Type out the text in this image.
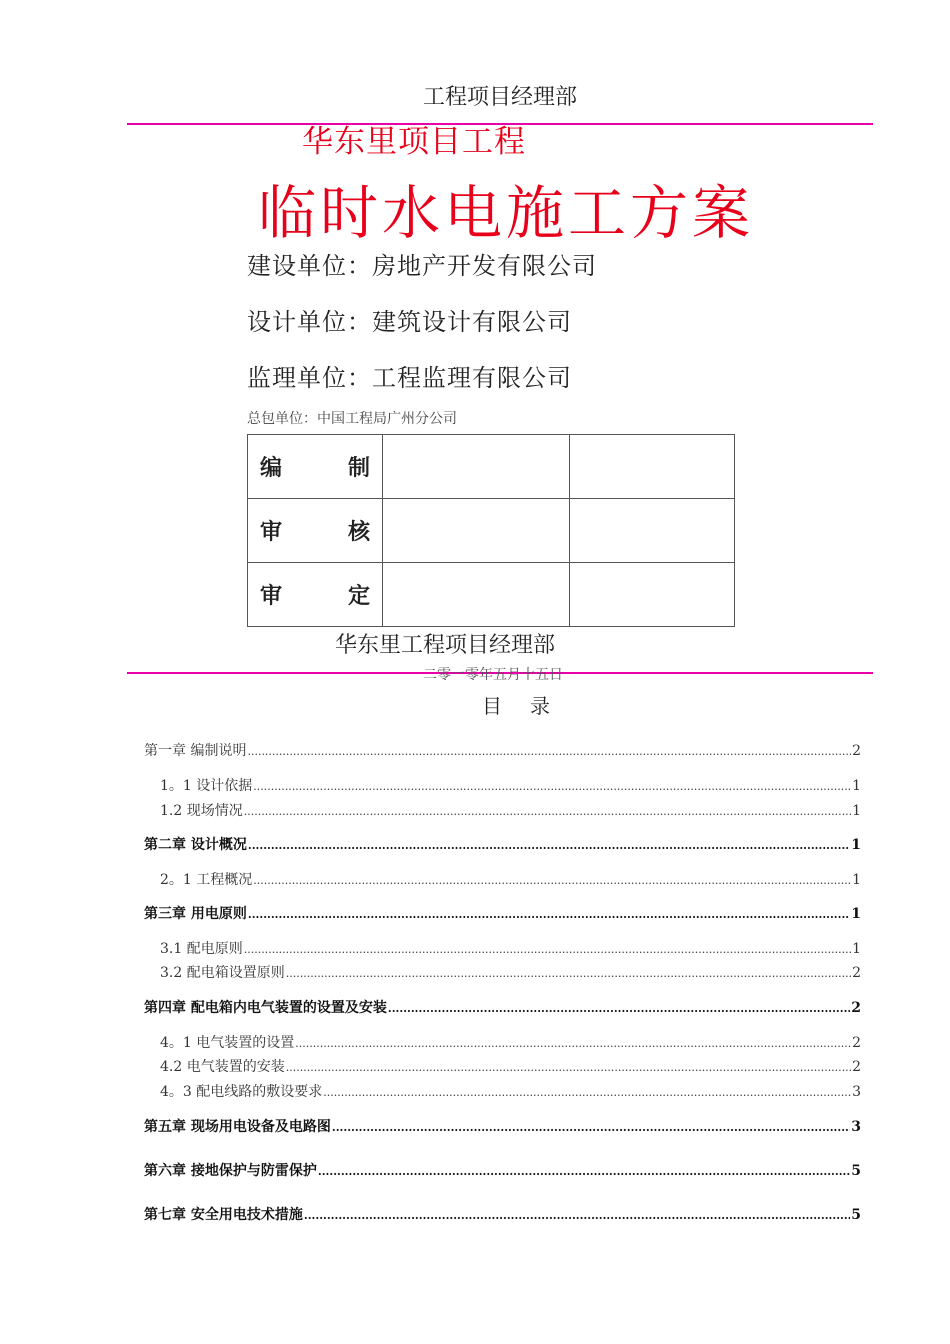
工程项目经理部
华东里项目工程
临时水电施工方案
建设单位：房地产开发有限公司
设计单位：建筑设计有限公司
监理单位：工程监理有限公司
总包单位：中国工程局广州分公司
编 制		

审 核		

审 定		

华东里工程项目经理部
二零一零年五月十五日
目录
第一章 编制说明 .....	2
1。1 设计依据 .....	1
1.2 现场情况 .....	1
第二章 设计概况 .....	1
2。1 工程概况 .....	1
第三章 用电原则 .....	1
3.1 配电原则 .....	1
3.2 配电箱设置原则 .....	2
第四章 配电箱内电气装置的设置及安装 .....	2
4。1 电气装置的设置 .....	2
4.2 电气装置的安装 .....	2
4。3 配电线路的敷设要求 .....	3
第五章 现场用电设备及电路图 .....	3
第六章 接地保护与防雷保护 .....	5
第七章 安全用电技术措施 .....	5
